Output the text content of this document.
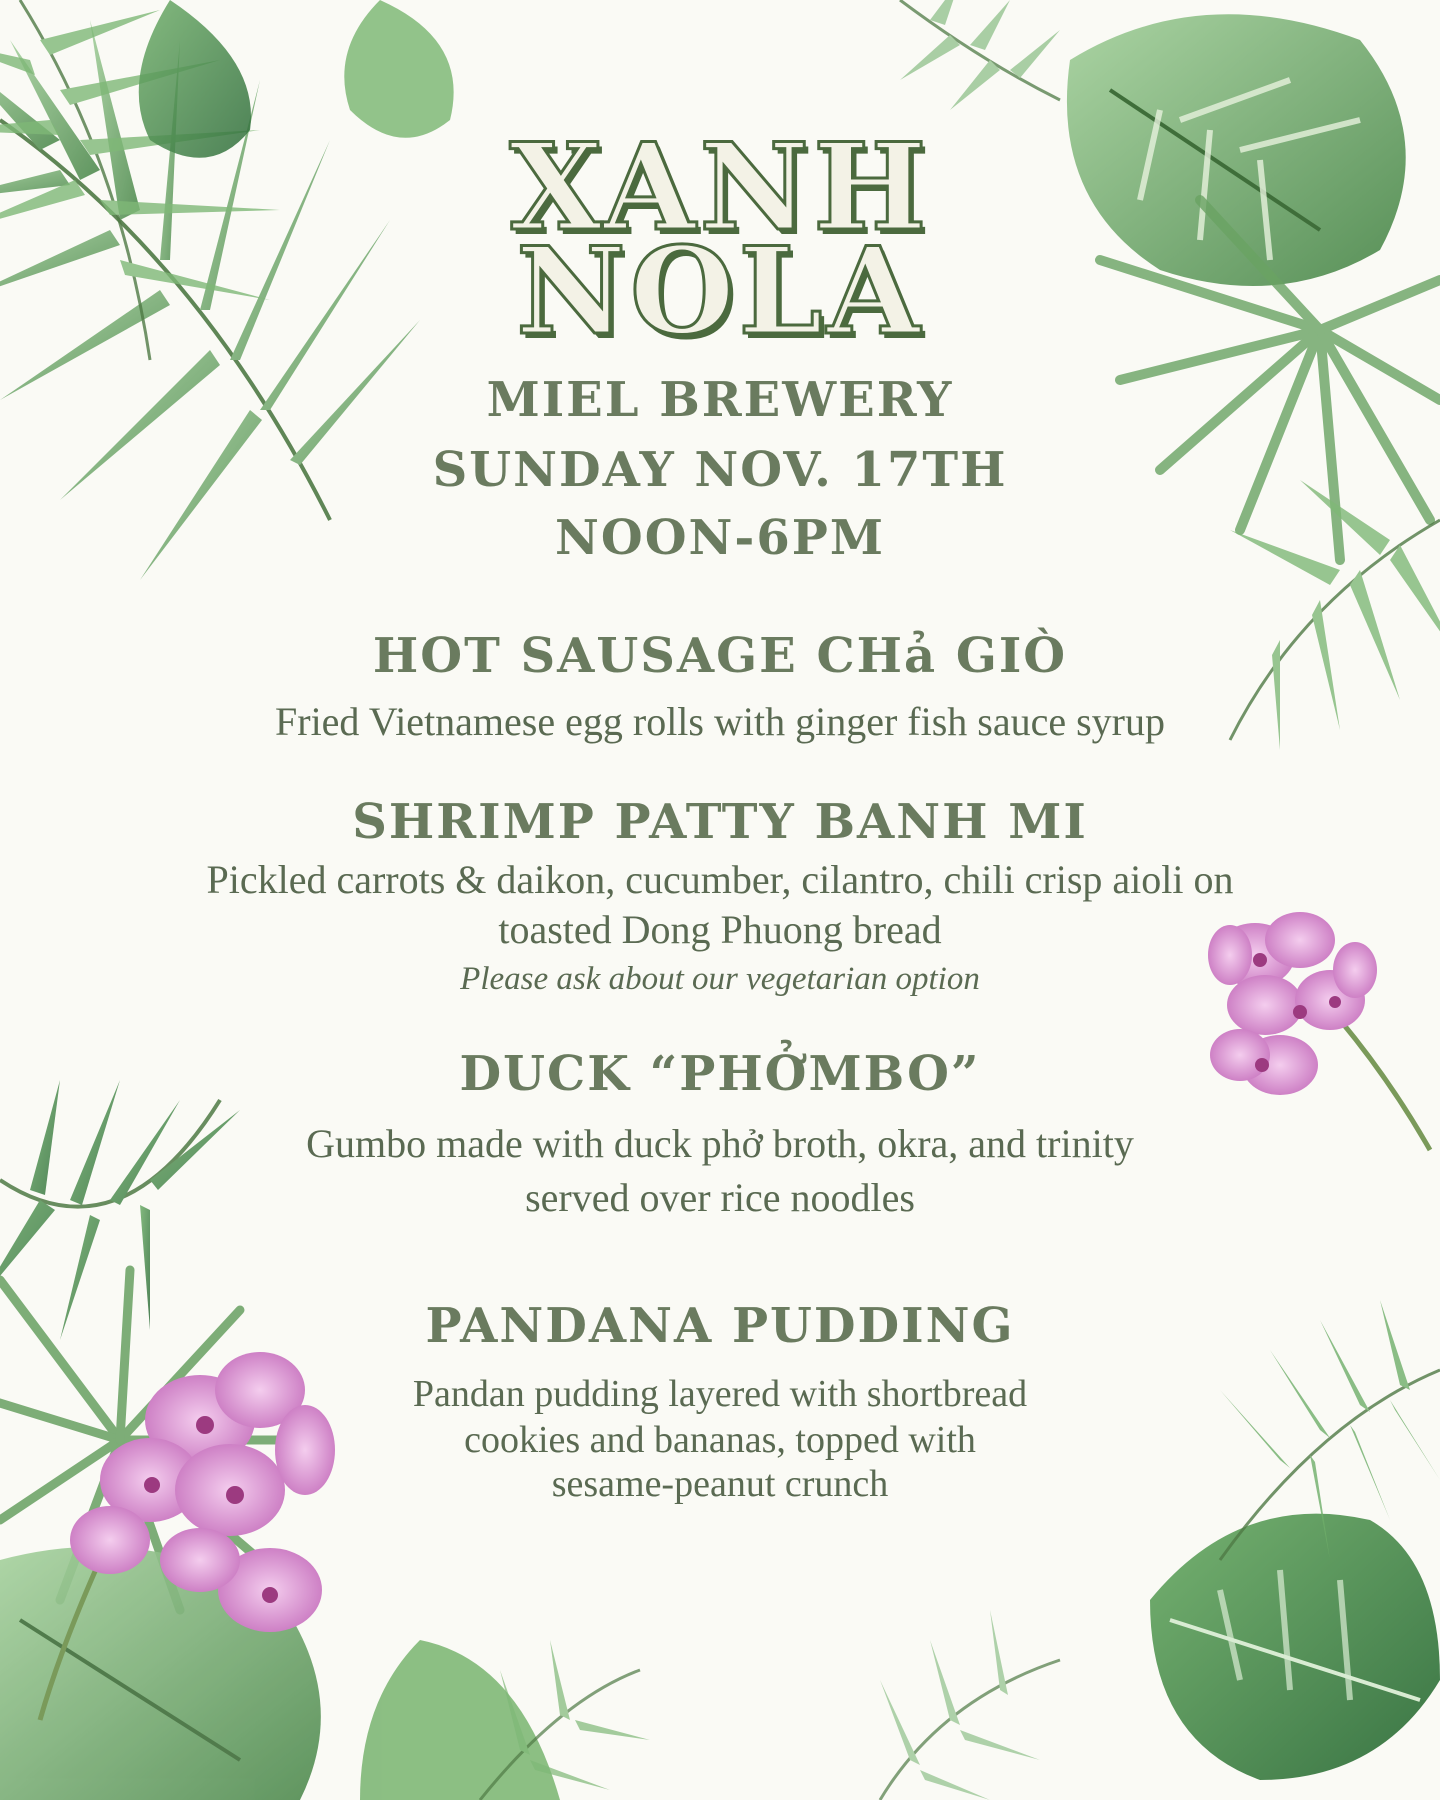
XANH
NOLA
MIEL BREWERY
SUNDAY NOV. 17TH
NOON-6PM
HOT SAUSAGE CHả GIÒ
Fried Vietnamese egg rolls with ginger fish sauce syrup
SHRIMP PATTY BANH MI
Pickled carrots & daikon, cucumber, cilantro, chili crisp aioli on
toasted Dong Phuong bread
Please ask about our vegetarian option
DUCK “PHỞMBO”
Gumbo made with duck phở broth, okra, and trinity
served over rice noodles
PANDANA PUDDING
Pandan pudding layered with shortbread
cookies and bananas, topped with
sesame-peanut crunch
